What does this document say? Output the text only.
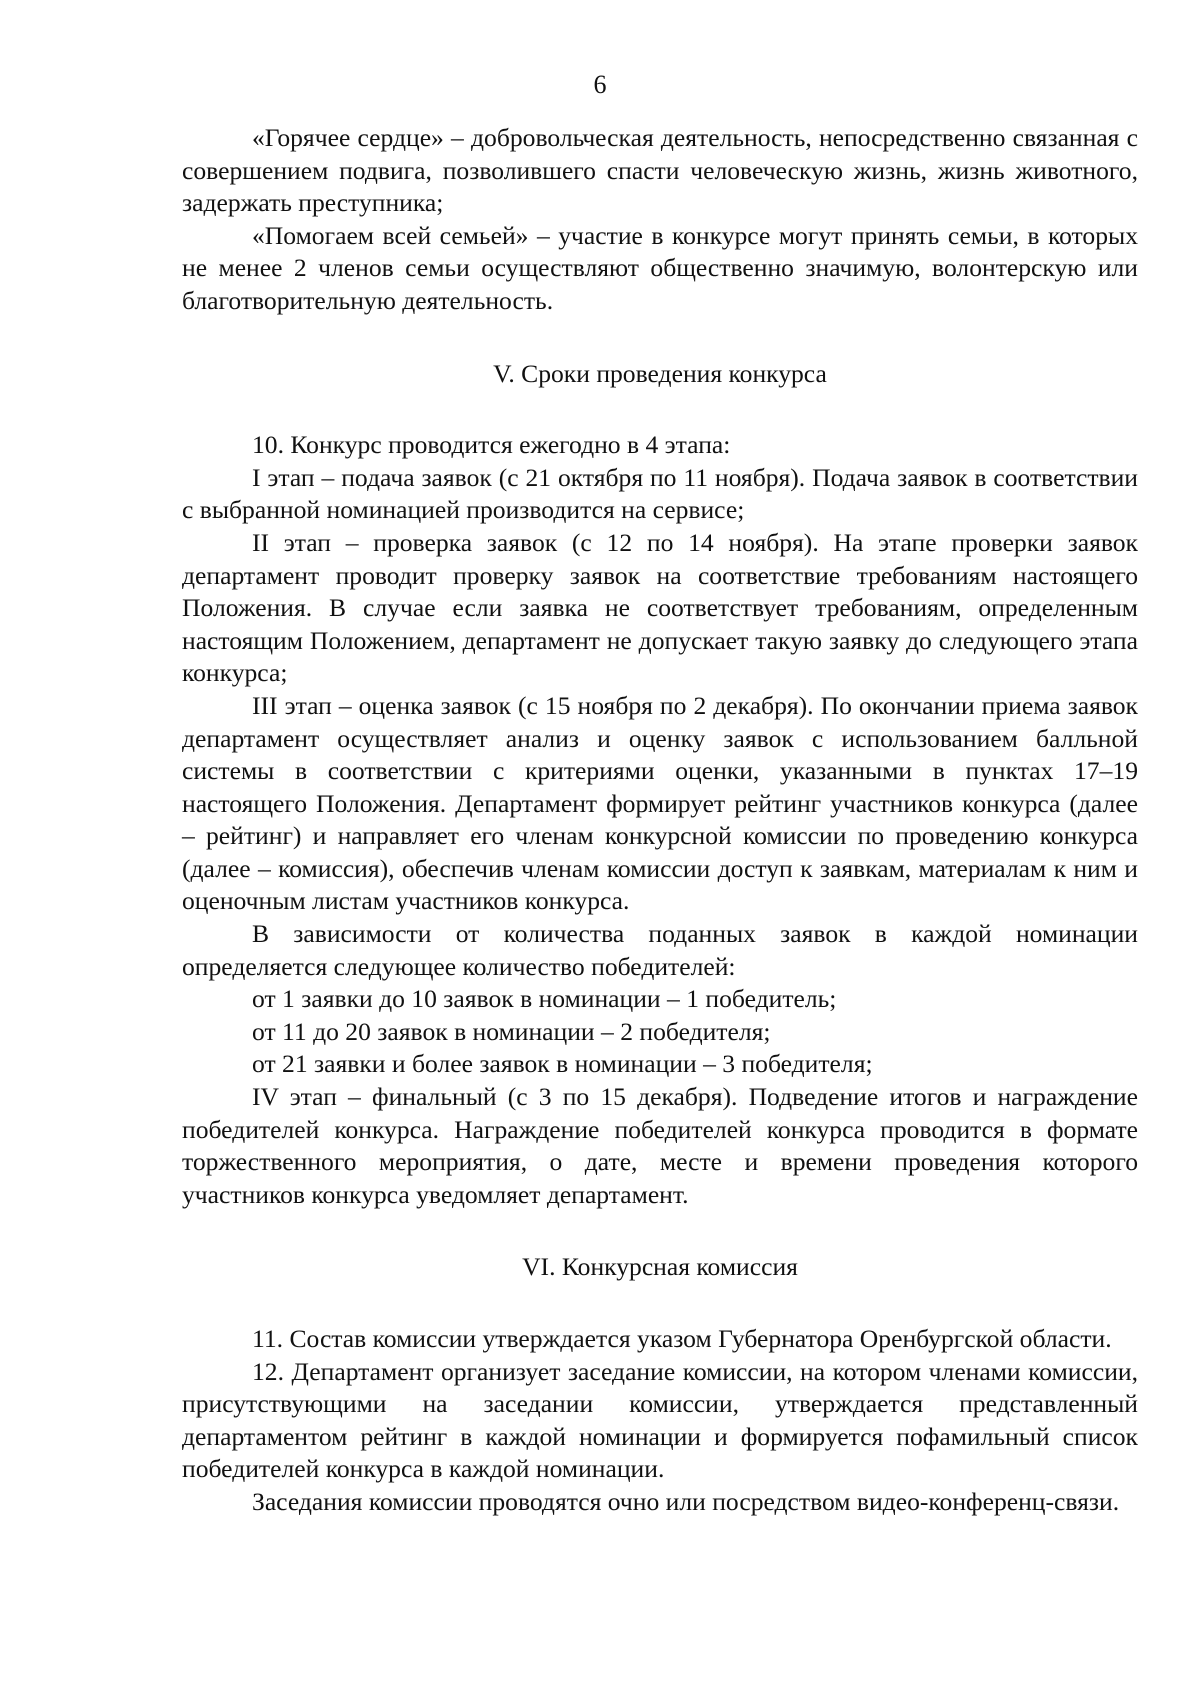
6

«Горячее сердце» – добровольческая деятельность, непосредственно связанная с совершением подвига, позволившего спасти человеческую жизнь, жизнь животного, задержать преступника;

«Помогаем всей семьей» – участие в конкурсе могут принять семьи, в которых не менее 2 членов семьи осуществляют общественно значимую, волонтерскую или благотворительную деятельность.

V. Сроки проведения конкурса

10. Конкурс проводится ежегодно в 4 этапа:

I этап – подача заявок (с 21 октября по 11 ноября). Подача заявок в соответствии с выбранной номинацией производится на сервисе;

II этап – проверка заявок (с 12 по 14 ноября). На этапе проверки заявок департамент проводит проверку заявок на соответствие требованиям настоящего Положения. В случае если заявка не соответствует требованиям, определенным настоящим Положением, департамент не допускает такую заявку до следующего этапа конкурса;

III этап – оценка заявок (с 15 ноября по 2 декабря). По окончании приема заявок департамент осуществляет анализ и оценку заявок с использованием балльной системы в соответствии с критериями оценки, указанными в пунктах 17–19 настоящего Положения. Департамент формирует рейтинг участников конкурса (далее – рейтинг) и направляет его членам конкурсной комиссии по проведению конкурса (далее – комиссия), обеспечив членам комиссии доступ к заявкам, материалам к ним и оценочным листам участников конкурса.

В зависимости от количества поданных заявок в каждой номинации определяется следующее количество победителей:

от 1 заявки до 10 заявок в номинации – 1 победитель;

от 11 до 20 заявок в номинации – 2 победителя;

от 21 заявки и более заявок в номинации – 3 победителя;

IV этап – финальный (с 3 по 15 декабря). Подведение итогов и награждение победителей конкурса. Награждение победителей конкурса проводится в формате торжественного мероприятия, о дате, месте и времени проведения которого участников конкурса уведомляет департамент.

VI. Конкурсная комиссия

11. Состав комиссии утверждается указом Губернатора Оренбургской области.

12. Департамент организует заседание комиссии, на котором членами комиссии, присутствующими на заседании комиссии, утверждается представленный департаментом рейтинг в каждой номинации и формируется пофамильный список победителей конкурса в каждой номинации.

Заседания комиссии проводятся очно или посредством видео-конференц-связи.
